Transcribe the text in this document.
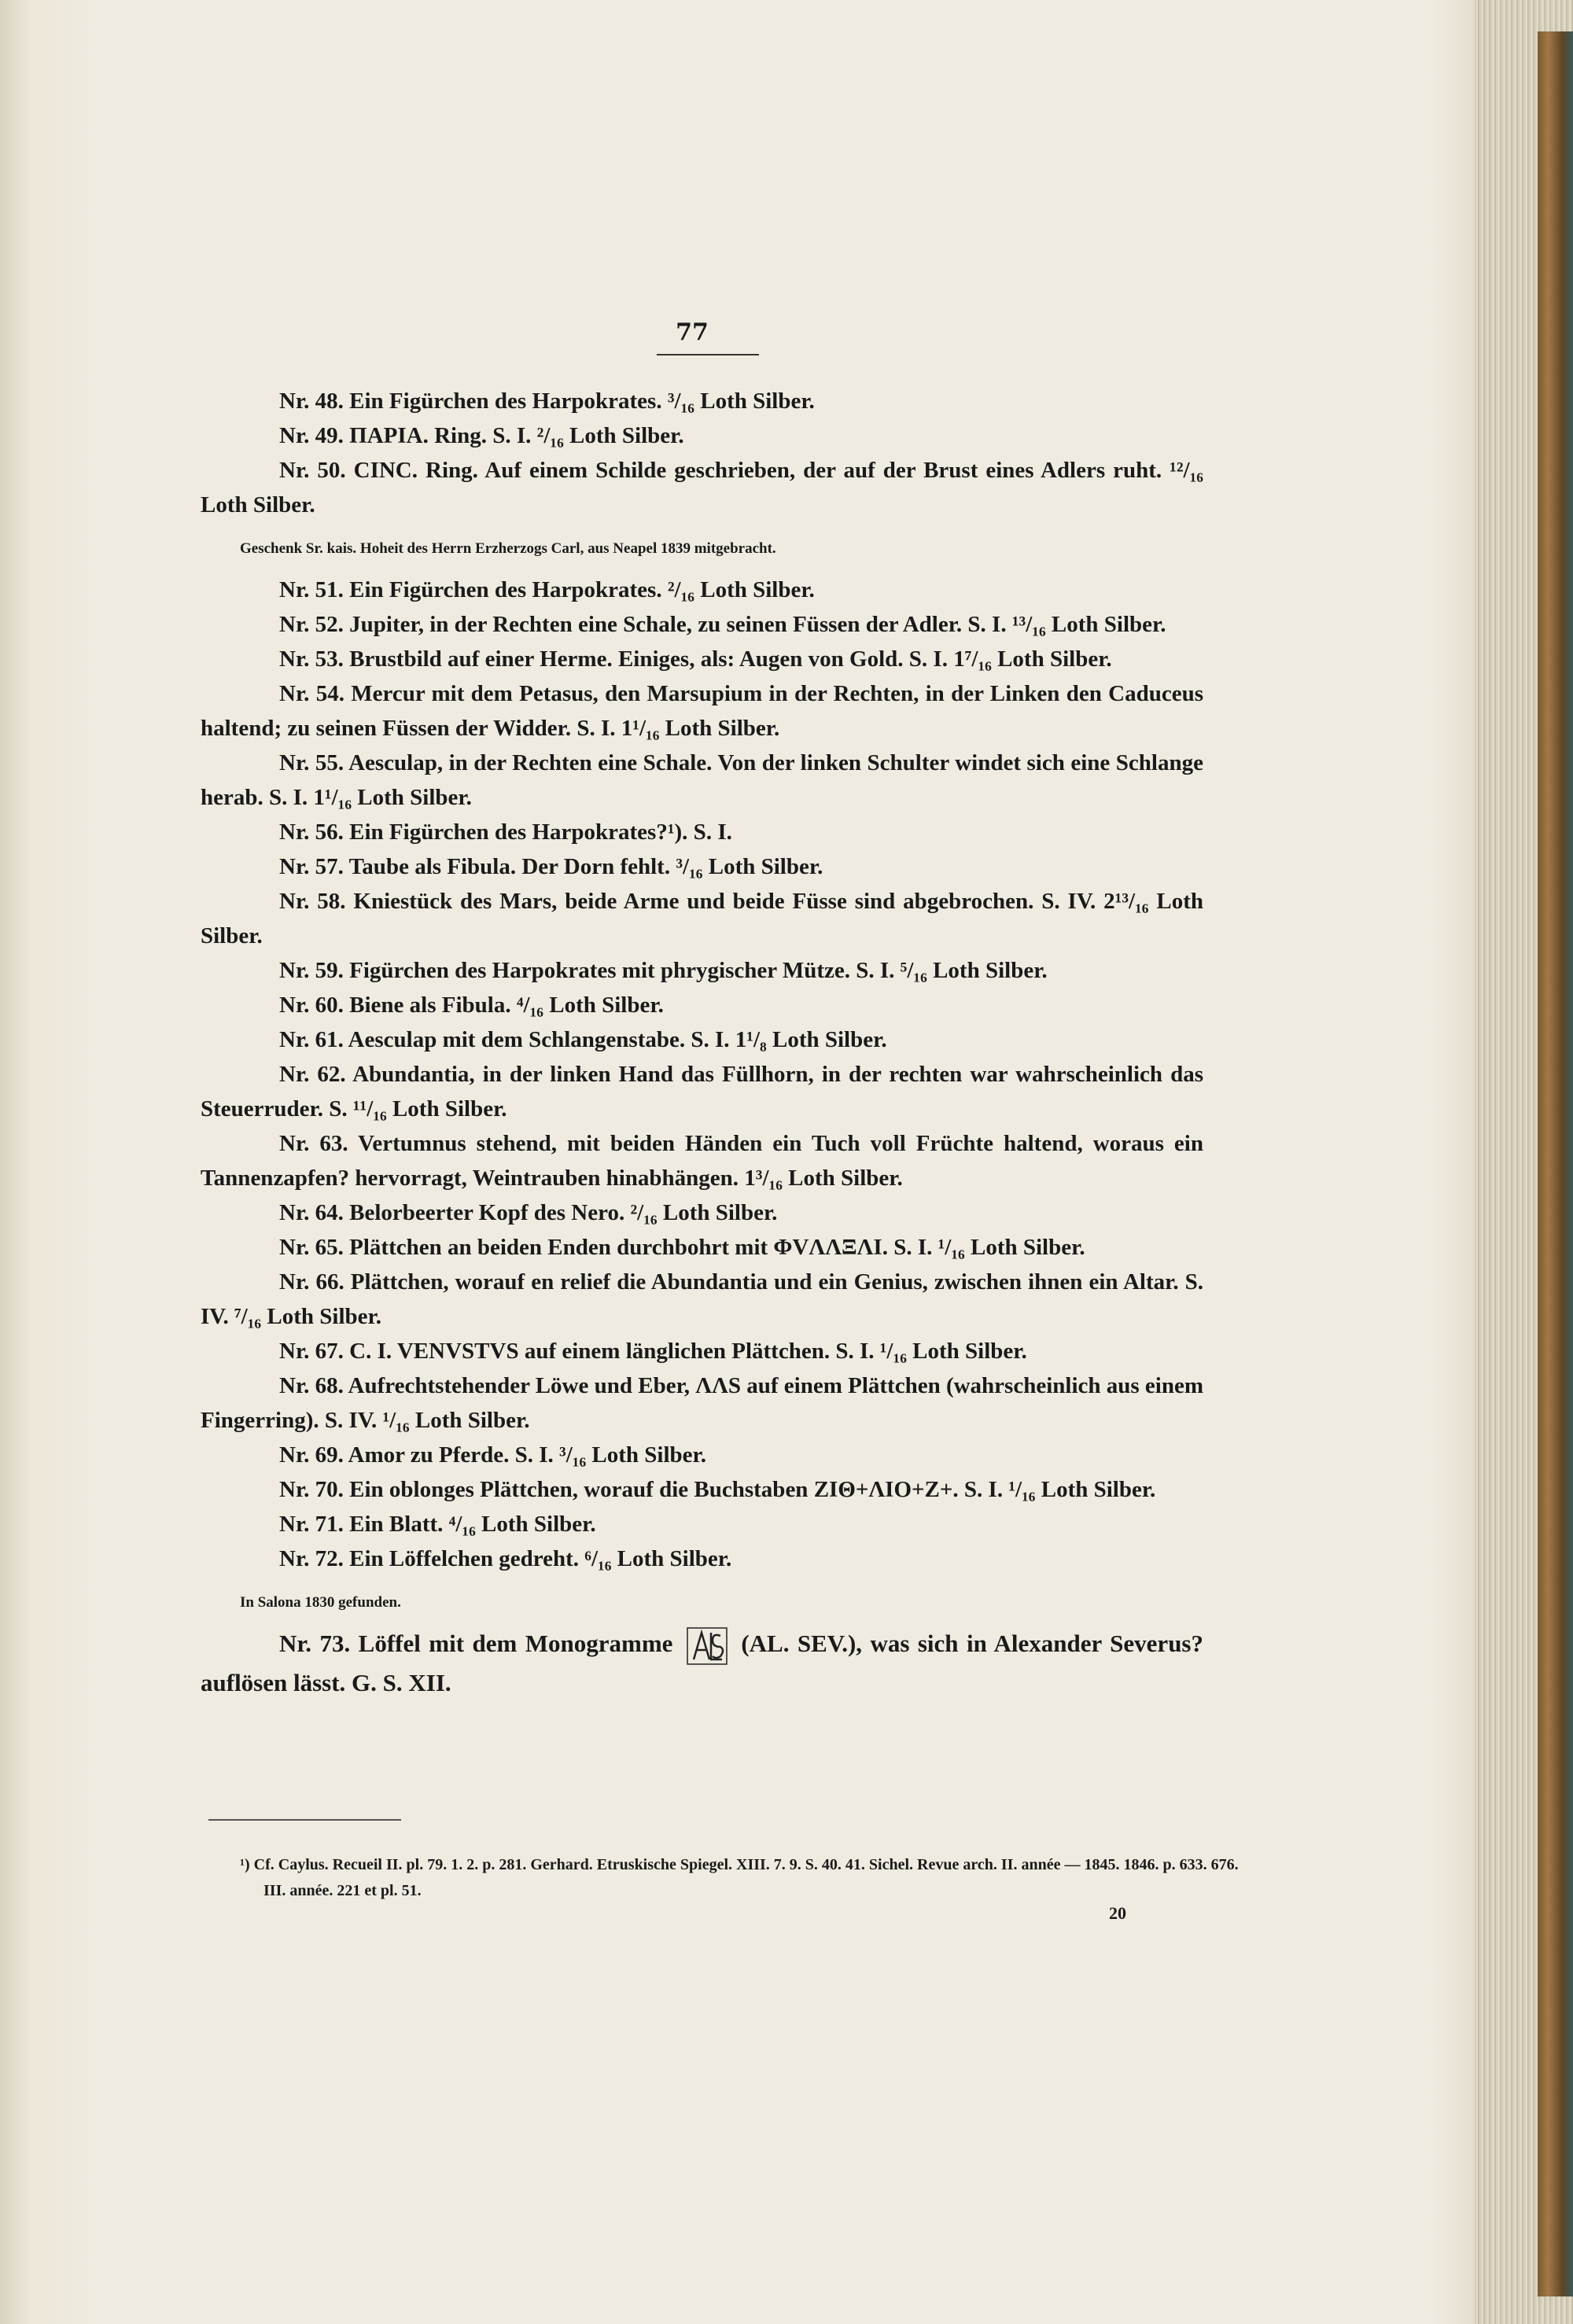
77

Nr. 48. Ein Figürchen des Harpokrates. ³/₁₆ Loth Silber.

Nr. 49. ΠΑΡΙΑ. Ring. S. I. ²/₁₆ Loth Silber.

Nr. 50. CINC. Ring. Auf einem Schilde geschrieben, der auf der Brust eines Adlers ruht. ¹²/₁₆ Loth Silber.

Geschenk Sr. kais. Hoheit des Herrn Erzherzogs Carl, aus Neapel 1839 mitgebracht.

Nr. 51. Ein Figürchen des Harpokrates. ²/₁₆ Loth Silber.

Nr. 52. Jupiter, in der Rechten eine Schale, zu seinen Füssen der Adler. S. I. ¹³/₁₆ Loth Silber.

Nr. 53. Brustbild auf einer Herme. Einiges, als: Augen von Gold. S. I. 1⁷/₁₆ Loth Silber.

Nr. 54. Mercur mit dem Petasus, den Marsupium in der Rechten, in der Linken den Caduceus haltend; zu seinen Füssen der Widder. S. I. 1¹/₁₆ Loth Silber.

Nr. 55. Aesculap, in der Rechten eine Schale. Von der linken Schulter windet sich eine Schlange herab. S. I. 1¹/₁₆ Loth Silber.

Nr. 56. Ein Figürchen des Harpokrates?¹). S. I.

Nr. 57. Taube als Fibula. Der Dorn fehlt. ³/₁₆ Loth Silber.

Nr. 58. Kniestück des Mars, beide Arme und beide Füsse sind abgebrochen. S. IV. 2¹³/₁₆ Loth Silber.

Nr. 59. Figürchen des Harpokrates mit phrygischer Mütze. S. I. ⁵/₁₆ Loth Silber.

Nr. 60. Biene als Fibula. ⁴/₁₆ Loth Silber.

Nr. 61. Aesculap mit dem Schlangenstabe. S. I. 1¹/₈ Loth Silber.

Nr. 62. Abundantia, in der linken Hand das Füllhorn, in der rechten war wahrscheinlich das Steuerruder. S. ¹¹/₁₆ Loth Silber.

Nr. 63. Vertumnus stehend, mit beiden Händen ein Tuch voll Früchte haltend, woraus ein Tannenzapfen? hervorragt, Weintrauben hinabhängen. 1³/₁₆ Loth Silber.

Nr. 64. Belorbeerter Kopf des Nero. ²/₁₆ Loth Silber.

Nr. 65. Plättchen an beiden Enden durchbohrt mit ΦVΛΛΞΛΙ. S. I. ¹/₁₆ Loth Silber.

Nr. 66. Plättchen, worauf en relief die Abundantia und ein Genius, zwischen ihnen ein Altar. S. IV. ⁷/₁₆ Loth Silber.

Nr. 67. C. I. VENVSTVS auf einem länglichen Plättchen. S. I. ¹/₁₆ Loth Silber.

Nr. 68. Aufrechtstehender Löwe und Eber, ΛΛS auf einem Plättchen (wahrscheinlich aus einem Fingerring). S. IV. ¹/₁₆ Loth Silber.

Nr. 69. Amor zu Pferde. S. I. ³/₁₆ Loth Silber.

Nr. 70. Ein oblonges Plättchen, worauf die Buchstaben ZΙΘ+ΛΙΟ+Ζ+. S. I. ¹/₁₆ Loth Silber.

Nr. 71. Ein Blatt. ⁴/₁₆ Loth Silber.

Nr. 72. Ein Löffelchen gedreht. ⁶/₁₆ Loth Silber.

In Salona 1830 gefunden.

Nr. 73. Löffel mit dem Monogramme	(AL. SEV.), was sich in Alexander Severus? auflösen lässt. G. S. XII.

¹) Cf. Caylus. Recueil II. pl. 79. 1. 2. p. 281. Gerhard. Etruskische Spiegel. XIII. 7. 9. S. 40. 41. Sichel. Revue arch. II. année — 1845. 1846. p. 633. 676. III. année. 221 et pl. 51.
20
